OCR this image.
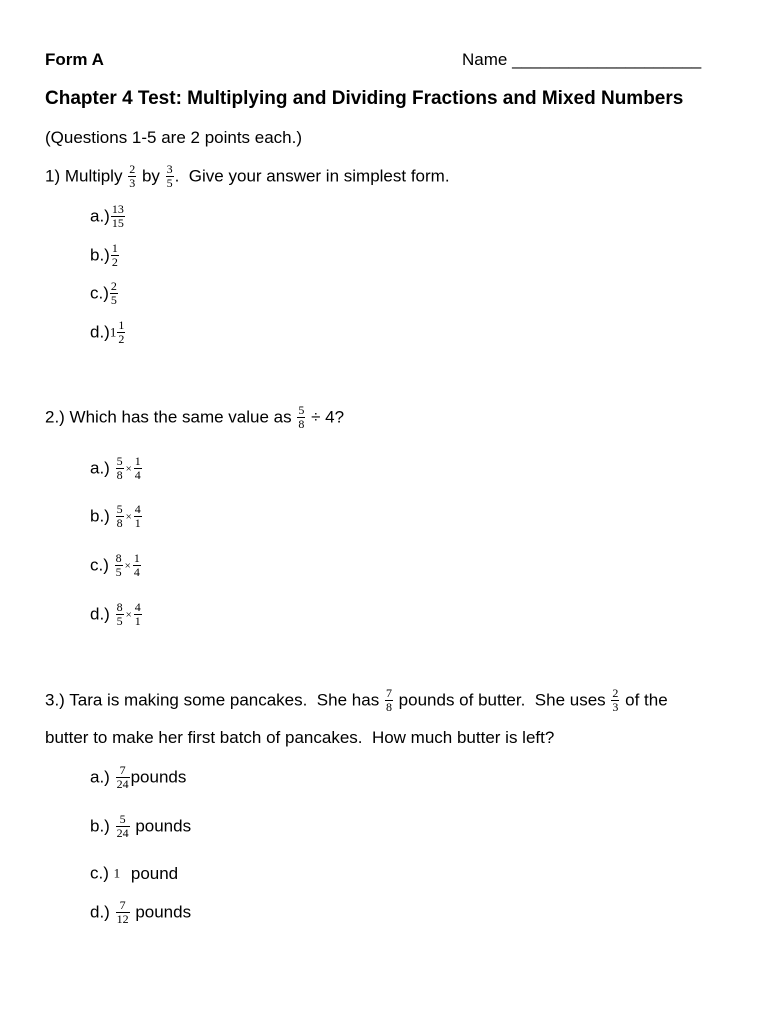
Form A	Name ____________________
Chapter 4 Test: Multiplying and Dividing Fractions and Mixed Numbers
(Questions 1-5 are 2 points each.)
1) Multiply $\frac{2}{3}$ by $\frac{3}{5}$ .  Give your answer in simplest form.
$a.) \frac{13}{15}$
$b.) \frac{1}{2}$
$c.) \frac{2}{5}$
$d.)1 \frac{1}{2}$
2.) Which has the same value as $\frac{5}{8} \div 4$?
$a.) \frac{5}{8} \times \frac{1}{4}$
$b.) \frac{5}{8} \times \frac{4}{1}$
$c.) \frac{8}{5} \times \frac{1}{4}$
$d.) \frac{8}{5} \times \frac{4}{1}$
3.) Tara is making some pancakes.  She has $\frac{7}{8}$ pounds of butter.  She uses $\frac{2}{3}$ of the
butter to make her first batch of pancakes.  How much butter is left?
$a.) \frac{7}{24}$ pounds
$b.) \frac{5}{24}$ pounds
c.) 1 pound
$d.) \frac{7}{12}$ pounds
